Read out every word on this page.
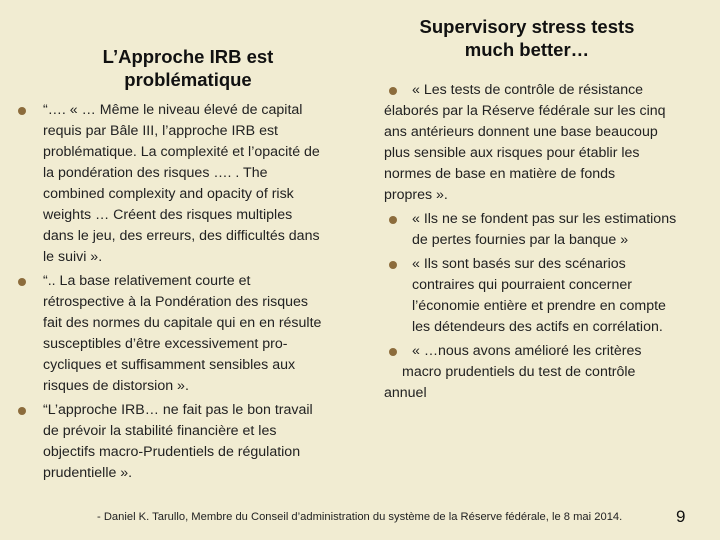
L’Approche IRB est
problématique
Supervisory stress tests
much better…
“…. « … Même le niveau élevé de capital
requis par Bâle III, l’approche IRB est
problématique. La complexité et l’opacité de
la pondération des risques …. . The
combined complexity and opacity of risk
weights … Créent des risques multiples
dans le jeu, des erreurs, des difficultés dans
le suivi ».
“.. La base relativement courte et
rétrospective à la Pondération des risques
fait des normes du capitale qui en en résulte
susceptibles d’être excessivement pro-
cycliques et suffisamment sensibles aux
risques de distorsion ».
“L’approche IRB… ne fait pas le bon travail
de prévoir la stabilité financière et les
objectifs macro-Prudentiels de régulation
prudentielle ».
« Les tests de contrôle de résistance
élaborés par la Réserve fédérale sur les cinq
ans antérieurs donnent une base beaucoup
plus sensible aux risques pour établir les
normes de base en matière de fonds
propres ».
« Ils ne se fondent pas sur les estimations
de pertes fournies par la banque »
« Ils sont basés sur des scénarios
contraires qui pourraient concerner
l’économie entière et prendre en compte
les détendeurs des actifs en corrélation.
« …nous avons amélioré les critères
macro prudentiels du test de contrôle
annuel
- Daniel K. Tarullo, Membre du Conseil d’administration du système de la Réserve fédérale, le 8 mai 2014.	9
